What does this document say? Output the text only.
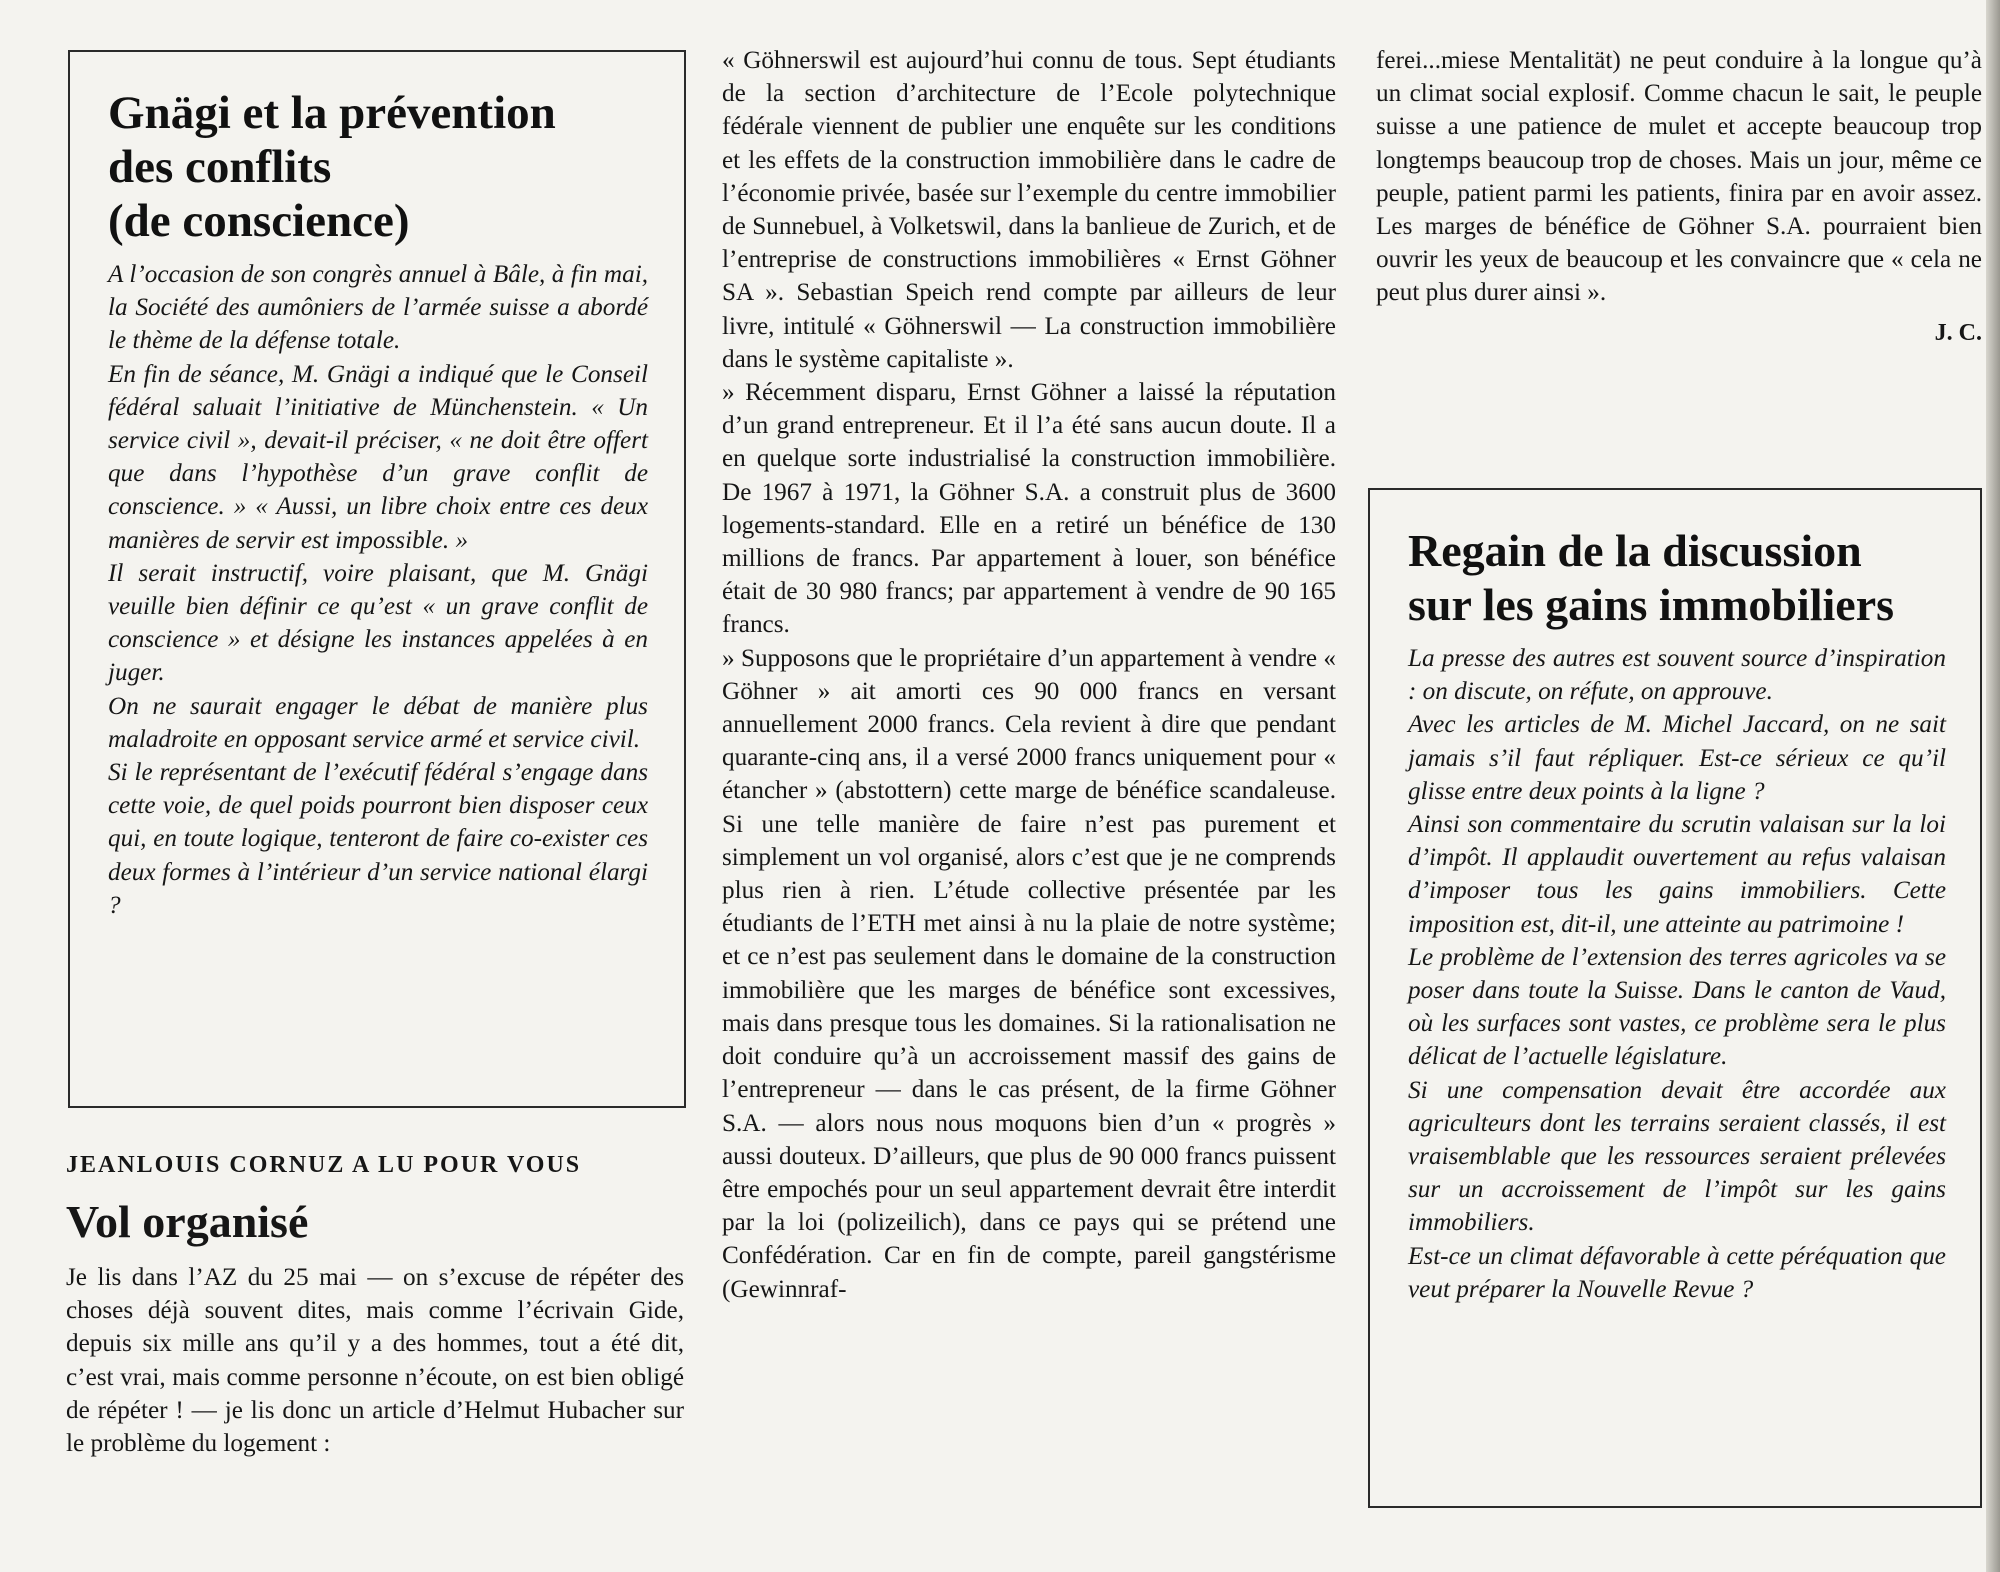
Gnägi et la prévention
des conflits
(de conscience)

A l’occasion de son congrès annuel à Bâle, à fin mai, la Société des aumôniers de l’armée suisse a abordé le thème de la défense totale.

En fin de séance, M. Gnägi a indiqué que le Conseil fédéral saluait l’initiative de Münchenstein. « Un service civil », devait-il préciser, « ne doit être offert que dans l’hypothèse d’un grave conflit de conscience. » « Aussi, un libre choix entre ces deux manières de servir est impossible. »

Il serait instructif, voire plaisant, que M. Gnägi veuille bien définir ce qu’est « un grave conflit de conscience » et désigne les instances appelées à en juger.

On ne saurait engager le débat de manière plus maladroite en opposant service armé et service civil.

Si le représentant de l’exécutif fédéral s’engage dans cette voie, de quel poids pourront bien disposer ceux qui, en toute logique, tenteront de faire co-exister ces deux formes à l’intérieur d’un service national élargi ?

JEANLOUIS CORNUZ A LU POUR VOUS

Vol organisé

Je lis dans l’AZ du 25 mai — on s’excuse de répéter des choses déjà souvent dites, mais comme l’écrivain Gide, depuis six mille ans qu’il y a des hommes, tout a été dit, c’est vrai, mais comme personne n’écoute, on est bien obligé de répéter ! — je lis donc un article d’Helmut Hubacher sur le problème du logement :

« Göhnerswil est aujourd’hui connu de tous. Sept étudiants de la section d’architecture de l’Ecole polytechnique fédérale viennent de publier une enquête sur les conditions et les effets de la construction immobilière dans le cadre de l’économie privée, basée sur l’exemple du centre immobilier de Sunnebuel, à Volketswil, dans la banlieue de Zurich, et de l’entreprise de constructions immobilières « Ernst Göhner SA ». Sebastian Speich rend compte par ailleurs de leur livre, intitulé « Göhnerswil — La construction immobilière dans le système capitaliste ».

» Récemment disparu, Ernst Göhner a laissé la réputation d’un grand entrepreneur. Et il l’a été sans aucun doute. Il a en quelque sorte industrialisé la construction immobilière. De 1967 à 1971, la Göhner S.A. a construit plus de 3600 logements-standard. Elle en a retiré un bénéfice de 130 millions de francs. Par appartement à louer, son bénéfice était de 30 980 francs; par appartement à vendre de 90 165 francs.

» Supposons que le propriétaire d’un appartement à vendre « Göhner » ait amorti ces 90 000 francs en versant annuellement 2000 francs. Cela revient à dire que pendant quarante-cinq ans, il a versé 2000 francs uniquement pour « étancher » (abstottern) cette marge de bénéfice scandaleuse. Si une telle manière de faire n’est pas purement et simplement un vol organisé, alors c’est que je ne comprends plus rien à rien. L’étude collective présentée par les étudiants de l’ETH met ainsi à nu la plaie de notre système; et ce n’est pas seulement dans le domaine de la construction immobilière que les marges de bénéfice sont excessives, mais dans presque tous les domaines. Si la rationalisation ne doit conduire qu’à un accroissement massif des gains de l’entrepreneur — dans le cas présent, de la firme Göhner S.A. — alors nous nous moquons bien d’un « progrès » aussi douteux. D’ailleurs, que plus de 90 000 francs puissent être empochés pour un seul appartement devrait être interdit par la loi (polizeilich), dans ce pays qui se prétend une Confédération. Car en fin de compte, pareil gangstérisme (Gewinnraf-

ferei...miese Mentalität) ne peut conduire à la longue qu’à un climat social explosif. Comme chacun le sait, le peuple suisse a une patience de mulet et accepte beaucoup trop longtemps beaucoup trop de choses. Mais un jour, même ce peuple, patient parmi les patients, finira par en avoir assez. Les marges de bénéfice de Göhner S.A. pourraient bien ouvrir les yeux de beaucoup et les convaincre que « cela ne peut plus durer ainsi ».

J. C.

Regain de la discussion
sur les gains immobiliers

La presse des autres est souvent source d’inspiration : on discute, on réfute, on approuve.

Avec les articles de M. Michel Jaccard, on ne sait jamais s’il faut répliquer. Est-ce sérieux ce qu’il glisse entre deux points à la ligne ?

Ainsi son commentaire du scrutin valaisan sur la loi d’impôt. Il applaudit ouvertement au refus valaisan d’imposer tous les gains immobiliers. Cette imposition est, dit-il, une atteinte au patrimoine !

Le problème de l’extension des terres agricoles va se poser dans toute la Suisse. Dans le canton de Vaud, où les surfaces sont vastes, ce problème sera le plus délicat de l’actuelle législature.

Si une compensation devait être accordée aux agriculteurs dont les terrains seraient classés, il est vraisemblable que les ressources seraient prélevées sur un accroissement de l’impôt sur les gains immobiliers.

Est-ce un climat défavorable à cette péréquation que veut préparer la Nouvelle Revue ?
